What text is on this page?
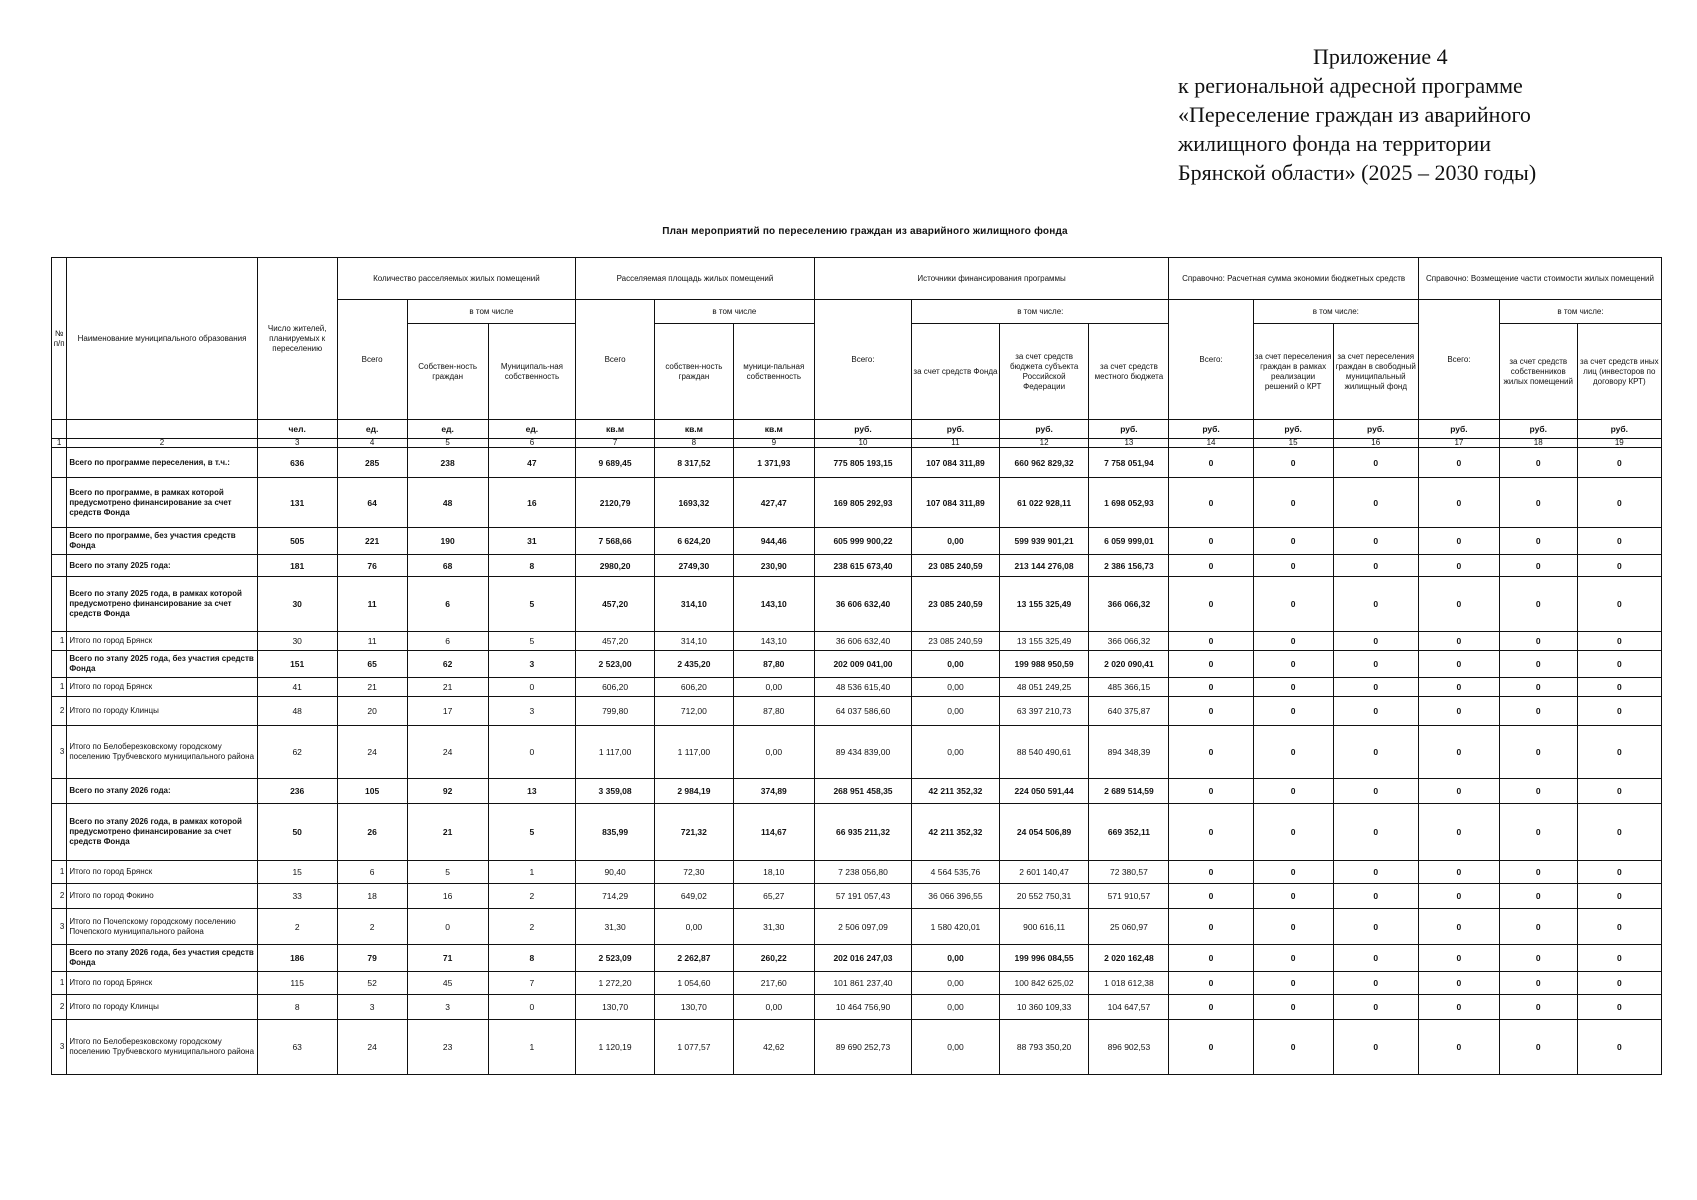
Приложение 4
к региональной адресной программе
«Переселение граждан из аварийного
жилищного фонда на территории
Брянской области» (2025 – 2030 годы)
План мероприятий по переселению граждан из аварийного жилищного фонда
№ п/п	Наименование муниципального образования	Число жителей, планируемых к переселению	Количество расселяемых жилых помещений			Расселяемая площадь жилых помещений			Источники финансирования программы				Справочно: Расчетная сумма экономии бюджетных средств			Справочно: Возмещение части стоимости жилых помещений		
			Всего	в том числе		Всего	в том числе		Всего:	в том числе:			Всего:	в том числе:		Всего:	в том числе:	
				Собствен-ность граждан	Муниципаль-ная собственность		собствен-ность граждан	муници-пальная собственность		за счет средств Фонда	за счет средств бюджета субъекта Российской Федерации	за счет средств местного бюджета		за счет переселения граждан в рамках реализации решений о КРТ	за счет переселения граждан в свободный муниципальный жилищный фонд		за счет средств собственников жилых помещений	за счет средств иных лиц (инвесторов по договору КРТ)
		чел.	ед.	ед.	ед.	кв.м	кв.м	кв.м	руб.	руб.	руб.	руб.	руб.	руб.	руб.	руб.	руб.	руб.
1	2	3	4	5	6	7	8	9	10	11	12	13	14	15	16	17	18	19
	Всего по программе переселения, в т.ч.:	636	285	238	47	9 689,45	8 317,52	1 371,93	775 805 193,15	107 084 311,89	660 962 829,32	7 758 051,94	0	0	0	0	0	0
	Всего по программе, в рамках которой предусмотрено финансирование за счет средств Фонда	131	64	48	16	2120,79	1693,32	427,47	169 805 292,93	107 084 311,89	61 022 928,11	1 698 052,93	0	0	0	0	0	0
	Всего по программе, без участия средств Фонда	505	221	190	31	7 568,66	6 624,20	944,46	605 999 900,22	0,00	599 939 901,21	6 059 999,01	0	0	0	0	0	0
	Всего по этапу 2025 года:	181	76	68	8	2980,20	2749,30	230,90	238 615 673,40	23 085 240,59	213 144 276,08	2 386 156,73	0	0	0	0	0	0
	Всего по этапу 2025 года, в рамках которой предусмотрено финансирование за счет средств Фонда	30	11	6	5	457,20	314,10	143,10	36 606 632,40	23 085 240,59	13 155 325,49	366 066,32	0	0	0	0	0	0
1	Итого по город Брянск	30	11	6	5	457,20	314,10	143,10	36 606 632,40	23 085 240,59	13 155 325,49	366 066,32	0	0	0	0	0	0
	Всего по этапу 2025 года, без участия средств Фонда	151	65	62	3	2 523,00	2 435,20	87,80	202 009 041,00	0,00	199 988 950,59	2 020 090,41	0	0	0	0	0	0
1	Итого по город Брянск	41	21	21	0	606,20	606,20	0,00	48 536 615,40	0,00	48 051 249,25	485 366,15	0	0	0	0	0	0
2	Итого по городу Клинцы	48	20	17	3	799,80	712,00	87,80	64 037 586,60	0,00	63 397 210,73	640 375,87	0	0	0	0	0	0
3	Итого по Белоберезковскому городскому поселению Трубчевского муниципального района	62	24	24	0	1 117,00	1 117,00	0,00	89 434 839,00	0,00	88 540 490,61	894 348,39	0	0	0	0	0	0
	Всего по этапу 2026 года:	236	105	92	13	3 359,08	2 984,19	374,89	268 951 458,35	42 211 352,32	224 050 591,44	2 689 514,59	0	0	0	0	0	0
	Всего по этапу 2026 года, в рамках которой предусмотрено финансирование за счет средств Фонда	50	26	21	5	835,99	721,32	114,67	66 935 211,32	42 211 352,32	24 054 506,89	669 352,11	0	0	0	0	0	0
1	Итого по город Брянск	15	6	5	1	90,40	72,30	18,10	7 238 056,80	4 564 535,76	2 601 140,47	72 380,57	0	0	0	0	0	0
2	Итого по город Фокино	33	18	16	2	714,29	649,02	65,27	57 191 057,43	36 066 396,55	20 552 750,31	571 910,57	0	0	0	0	0	0
3	Итого по Почепскому городскому поселению Почепского муниципального района	2	2	0	2	31,30	0,00	31,30	2 506 097,09	1 580 420,01	900 616,11	25 060,97	0	0	0	0	0	0
	Всего по этапу 2026 года, без участия средств Фонда	186	79	71	8	2 523,09	2 262,87	260,22	202 016 247,03	0,00	199 996 084,55	2 020 162,48	0	0	0	0	0	0
1	Итого по город Брянск	115	52	45	7	1 272,20	1 054,60	217,60	101 861 237,40	0,00	100 842 625,02	1 018 612,38	0	0	0	0	0	0
2	Итого по городу Клинцы	8	3	3	0	130,70	130,70	0,00	10 464 756,90	0,00	10 360 109,33	104 647,57	0	0	0	0	0	0
3	Итого по Белоберезковскому городскому поселению Трубчевского муниципального района	63	24	23	1	1 120,19	1 077,57	42,62	89 690 252,73	0,00	88 793 350,20	896 902,53	0	0	0	0	0	0
